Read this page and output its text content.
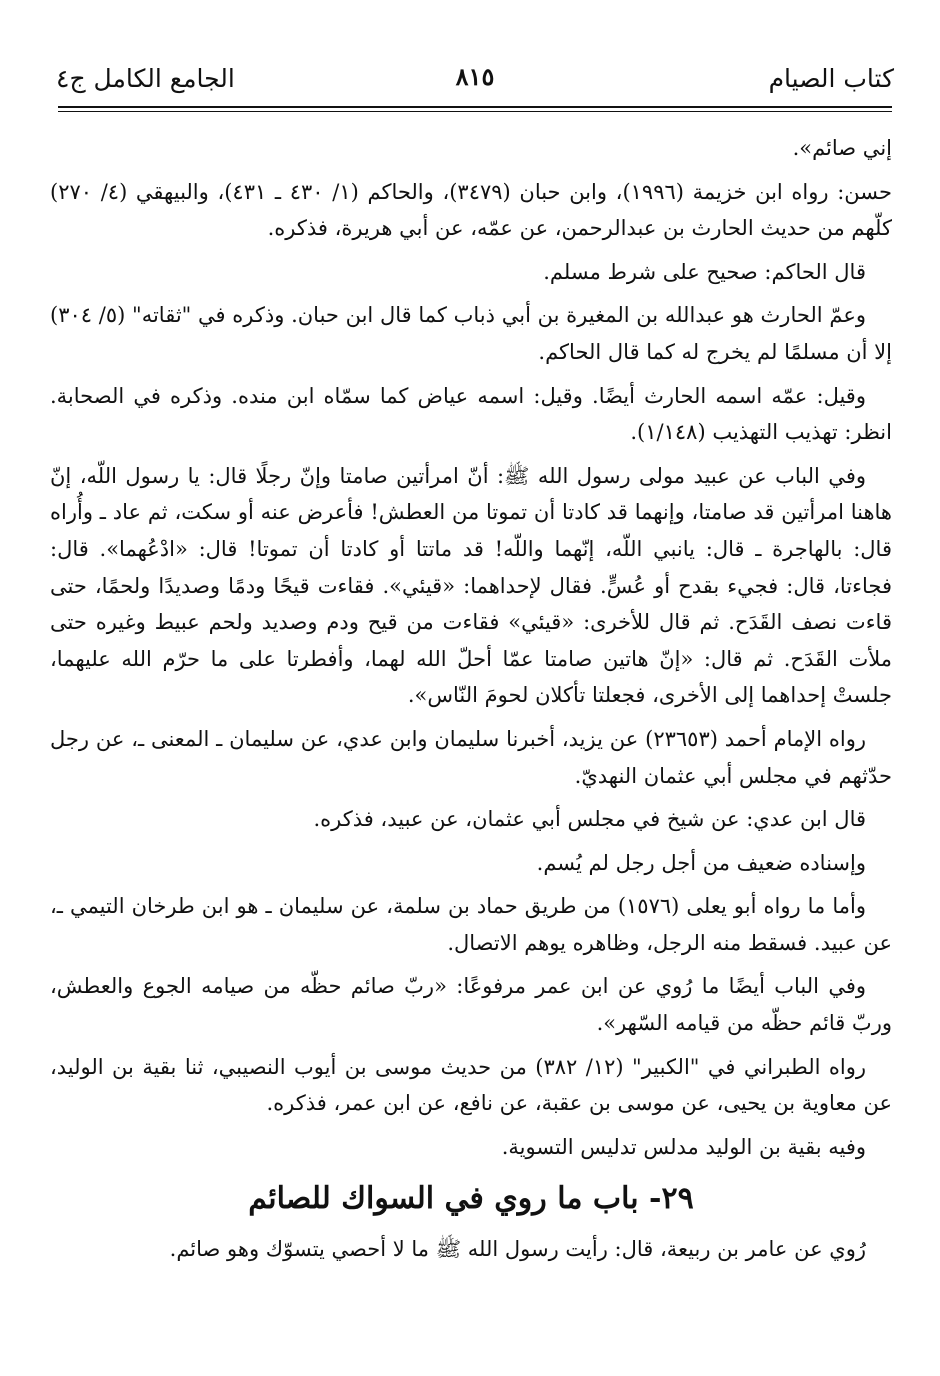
كتاب الصيام
٨١٥
الجامع الكامل ج٤

إني صائم».

حسن: رواه ابن خزيمة (١٩٩٦)، وابن حبان (٣٤٧٩)، والحاكم (١/ ٤٣٠ ـ ٤٣١)، والبيهقي (٤/ ٢٧٠) كلّهم من حديث الحارث بن عبدالرحمن، عن عمّه، عن أبي هريرة، فذكره.

قال الحاكم: صحيح على شرط مسلم.

وعمّ الحارث هو عبدالله بن المغيرة بن أبي ذباب كما قال ابن حبان. وذكره في "ثقاته" (٥/ ٣٠٤) إلا أن مسلمًا لم يخرج له كما قال الحاكم.

وقيل: عمّه اسمه الحارث أيضًا. وقيل: اسمه عياض كما سمّاه ابن منده. وذكره في الصحابة. انظر: تهذيب التهذيب (١/١٤٨).

وفي الباب عن عبيد مولى رسول الله ﷺ: أنّ امرأتين صامتا وإنّ رجلًا قال: يا رسول اللّه، إنّ هاهنا امرأتين قد صامتا، وإنهما قد كادتا أن تموتا من العطش! فأعرض عنه أو سكت، ثم عاد ـ وأُراه قال: بالهاجرة ـ قال: يانبي اللّه، إنّهما واللّه! قد ماتتا أو كادتا أن تموتا! قال: «ادْعُهما». قال: فجاءتا، قال: فجيء بقدح أو عُسٍّ. فقال لإحداهما: «قيئي». فقاءت قيحًا ودمًا وصديدًا ولحمًا، حتى قاءت نصف القَدَح. ثم قال للأخرى: «قيئي» فقاءت من قيح ودم وصديد ولحم عبيط وغيره حتى ملأت القَدَح. ثم قال: «إنّ هاتين صامتا عمّا أحلّ الله لهما، وأفطرتا على ما حرّم الله عليهما، جلستْ إحداهما إلى الأخرى، فجعلتا تأكلان لحومَ النّاس».

رواه الإمام أحمد (٢٣٦٥٣) عن يزيد، أخبرنا سليمان وابن عدي، عن سليمان ـ المعنى ـ، عن رجل حدّثهم في مجلس أبي عثمان النهديّ.

قال ابن عدي: عن شيخ في مجلس أبي عثمان، عن عبيد، فذكره.

وإسناده ضعيف من أجل رجل لم يُسم.

وأما ما رواه أبو يعلى (١٥٧٦) من طريق حماد بن سلمة، عن سليمان ـ هو ابن طرخان التيمي ـ، عن عبيد. فسقط منه الرجل، وظاهره يوهم الاتصال.

وفي الباب أيضًا ما رُوي عن ابن عمر مرفوعًا: «ربّ صائم حظّه من صيامه الجوع والعطش، وربّ قائم حظّه من قيامه السّهر».

رواه الطبراني في "الكبير" (١٢/ ٣٨٢) من حديث موسى بن أيوب النصيبي، ثنا بقية بن الوليد، عن معاوية بن يحيى، عن موسى بن عقبة، عن نافع، عن ابن عمر، فذكره.

وفيه بقية بن الوليد مدلس تدليس التسوية.

٢٩- باب ما روي في السواك للصائم

رُوي عن عامر بن ربيعة، قال: رأيت رسول الله ﷺ ما لا أحصي يتسوّك وهو صائم.
